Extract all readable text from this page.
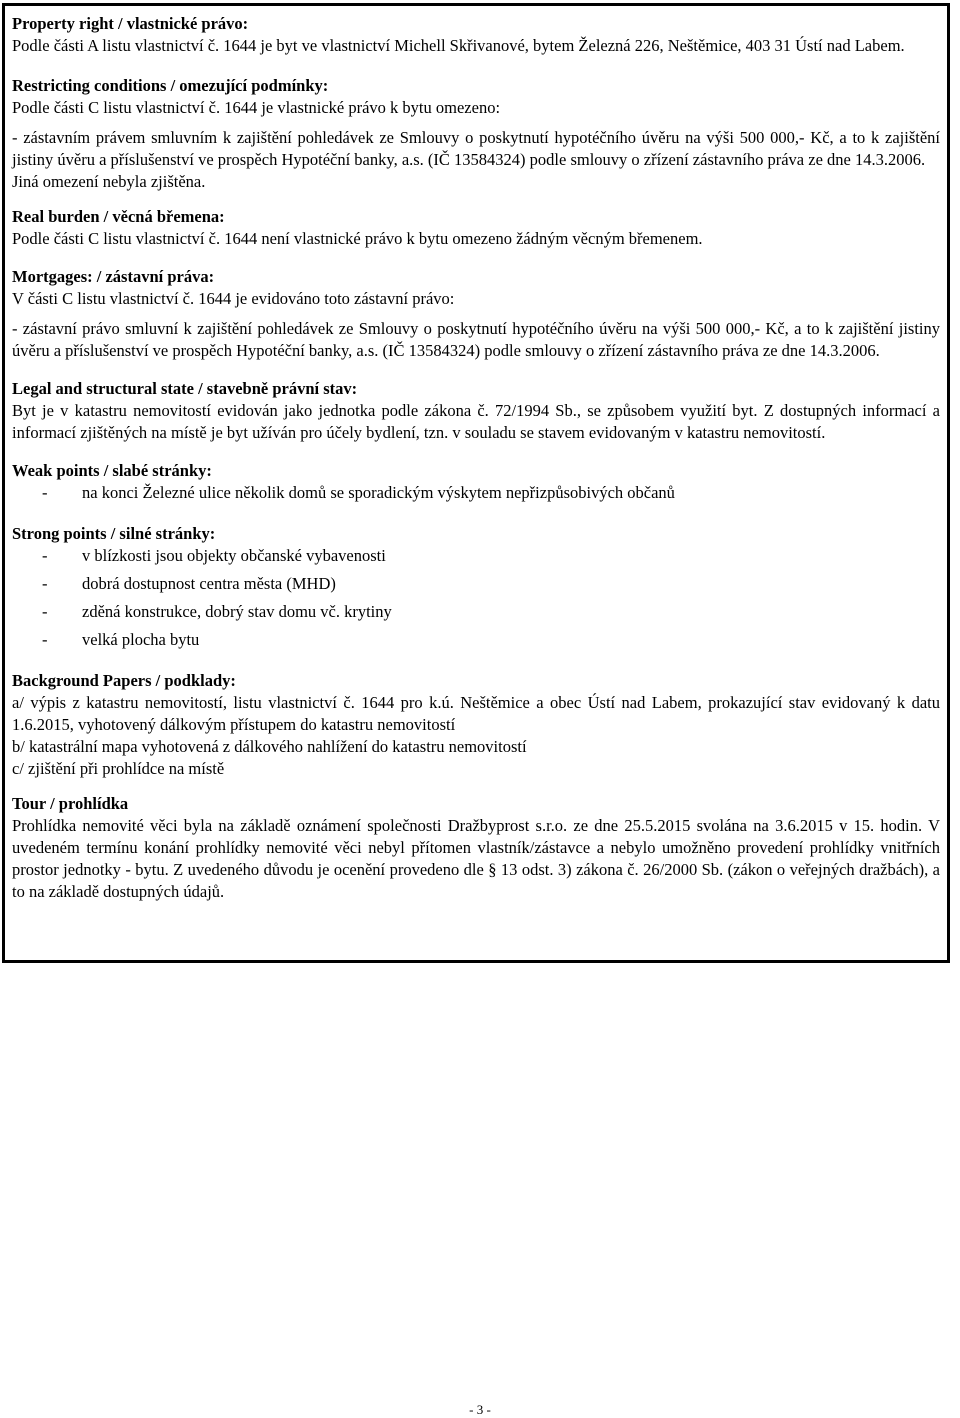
Property right / vlastnické právo:

Podle části A listu vlastnictví č. 1644 je byt ve vlastnictví Michell Skřivanové, bytem Železná 226, Neštěmice, 403 31 Ústí nad Labem.

Restricting conditions / omezující podmínky:

Podle části C listu vlastnictví č. 1644 je vlastnické právo k bytu omezeno:

- zástavním právem smluvním k zajištění pohledávek ze Smlouvy o poskytnutí hypotéčního úvěru na výši 500 000,- Kč, a to k zajištění jistiny úvěru a příslušenství ve prospěch Hypotéční banky, a.s. (IČ 13584324) podle smlouvy o zřízení zástavního práva ze dne 14.3.2006.

Jiná omezení nebyla zjištěna.

Real burden / věcná břemena:

Podle části C listu vlastnictví č. 1644 není vlastnické právo k bytu omezeno žádným věcným břemenem.

Mortgages: / zástavní práva:

V části C listu vlastnictví č. 1644 je evidováno toto zástavní právo:

- zástavní právo smluvní k zajištění pohledávek ze Smlouvy o poskytnutí hypotéčního úvěru na výši 500 000,- Kč, a to k zajištění jistiny úvěru a příslušenství ve prospěch Hypotéční banky, a.s. (IČ 13584324) podle smlouvy o zřízení zástavního práva ze dne 14.3.2006.

Legal and structural state / stavebně právní stav:

Byt je v katastru nemovitostí evidován jako jednotka podle zákona č. 72/1994 Sb., se způsobem využití byt. Z dostupných informací a informací zjištěných na místě je byt užíván pro účely bydlení, tzn. v souladu se stavem evidovaným v katastru nemovitostí.

Weak points / slabé stránky:

- na konci Železné ulice několik domů se sporadickým výskytem nepřizpůsobivých občanů

Strong points / silné stránky:

- v blízkosti jsou objekty občanské vybavenosti
- dobrá dostupnost centra města (MHD)
- zděná konstrukce, dobrý stav domu vč. krytiny
- velká plocha bytu

Background Papers / podklady:

a/ výpis z katastru nemovitostí, listu vlastnictví č. 1644 pro k.ú. Neštěmice a obec Ústí nad Labem, prokazující stav evidovaný k datu 1.6.2015, vyhotovený dálkovým přístupem do katastru nemovitostí

b/ katastrální mapa vyhotovená z dálkového nahlížení do katastru nemovitostí

c/ zjištění při prohlídce na místě

Tour / prohlídka

Prohlídka nemovité věci byla na základě oznámení společnosti Dražbyprost s.r.o. ze dne 25.5.2015 svolána na 3.6.2015 v 15. hodin. V uvedeném termínu konání prohlídky nemovité věci nebyl přítomen vlastník/zástavce a nebylo umožněno provedení prohlídky vnitřních prostor jednotky - bytu. Z uvedeného důvodu je ocenění provedeno dle § 13 odst. 3) zákona č. 26/2000 Sb. (zákon o veřejných dražbách), a to na základě dostupných údajů.

- 3 -
